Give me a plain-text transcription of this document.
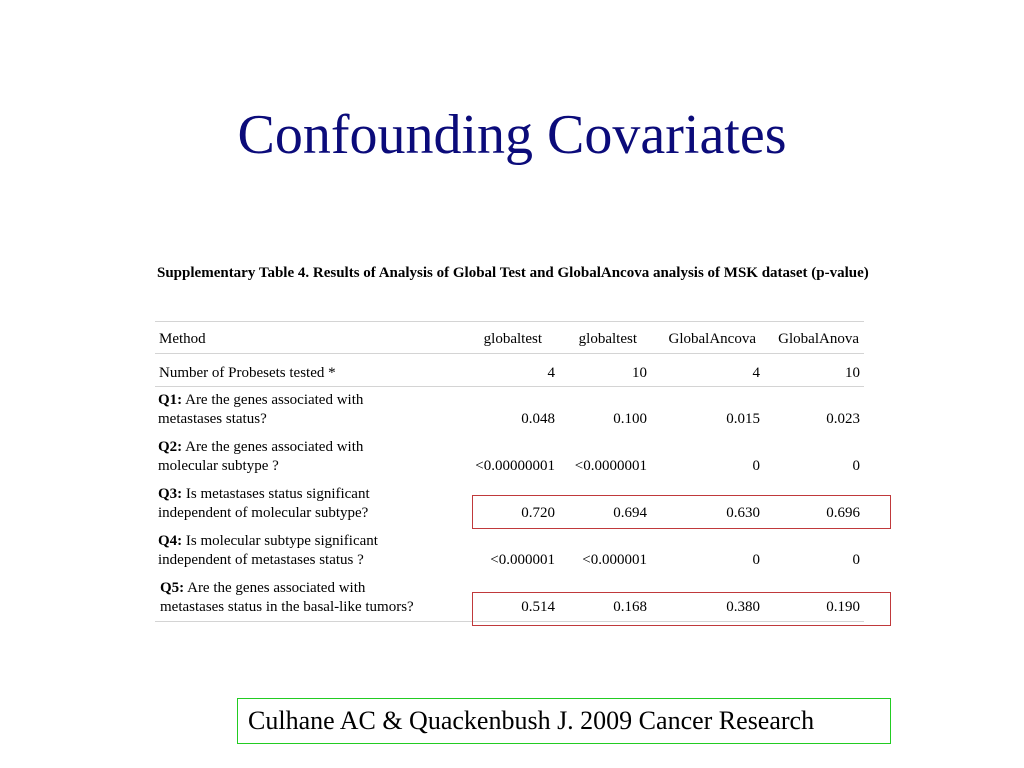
Confounding Covariates
Supplementary Table 4. Results of Analysis of Global Test and GlobalAncova analysis of MSK dataset (p-value)
Method	globaltest	globaltest	GlobalAncova	GlobalAnova
Number of Probesets tested *	4	10	4	10
Q1: Are the genes associated with
metastases status?	0.048	0.100	0.015	0.023
Q2: Are the genes associated with
molecular subtype ?	<0.00000001	<0.0000001	0	0
Q3: Is metastases status significant
independent of molecular subtype?	0.720	0.694	0.630	0.696
Q4: Is molecular subtype significant
independent of metastases status ?	<0.000001	<0.000001	0	0
Q5: Are the genes associated with
metastases status in the basal-like tumors?	0.514	0.168	0.380	0.190
Culhane AC & Quackenbush J. 2009 Cancer Research
